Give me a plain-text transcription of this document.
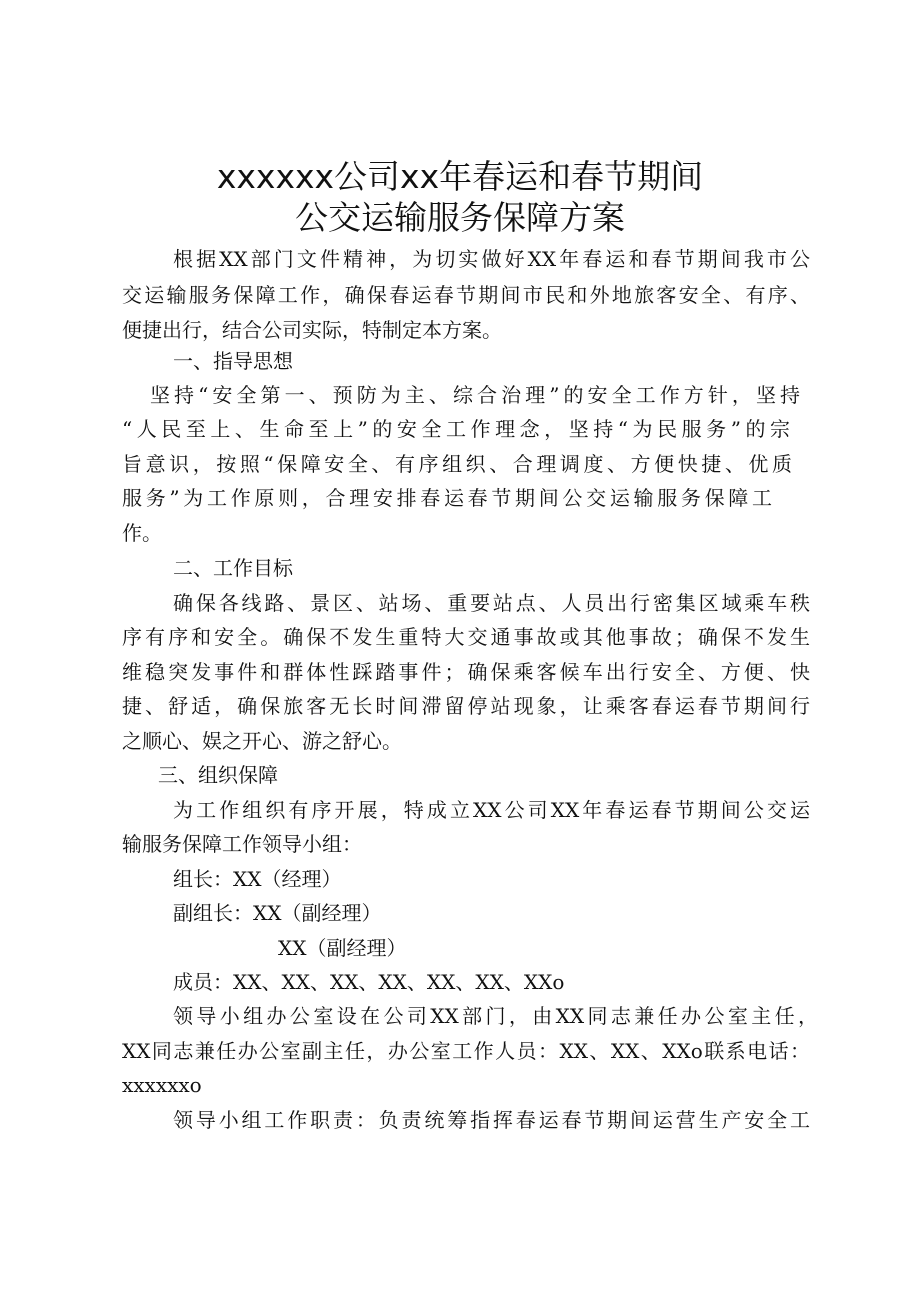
xxxxxx公司xx年春运和春节期间
公交运输服务保障方案
根据XX部门文件精神，为切实做好XX年春运和春节期间我市公
交运输服务保障工作，确保春运春节期间市民和外地旅客安全、有序、
便捷出行，结合公司实际，特制定本方案。
一、指导思想
坚持“安全第一、预防为主、综合治理”的安全工作方针，坚持
“人民至上、生命至上”的安全工作理念，坚持“为民服务”的宗
旨意识，按照“保障安全、有序组织、合理调度、方便快捷、优质
服务”为工作原则，合理安排春运春节期间公交运输服务保障工
作。
二、工作目标
确保各线路、景区、站场、重要站点、人员出行密集区域乘车秩
序有序和安全。确保不发生重特大交通事故或其他事故；确保不发生
维稳突发事件和群体性踩踏事件；确保乘客候车出行安全、方便、快
捷、舒适，确保旅客无长时间滞留停站现象，让乘客春运春节期间行
之顺心、娱之开心、游之舒心。
三、组织保障
为工作组织有序开展，特成立XX公司XX年春运春节期间公交运
输服务保障工作领导小组：
组长：XX（经理）
副组长：XX（副经理）
XX（副经理）
成员：XX、XX、XX、XX、XX、XX、XXo
领导小组办公室设在公司XX部门，由XX同志兼任办公室主任，
XX同志兼任办公室副主任，办公室工作人员：XX、XX、XXo联系电话：
xxxxxxo
领导小组工作职责：负责统筹指挥春运春节期间运营生产安全工
